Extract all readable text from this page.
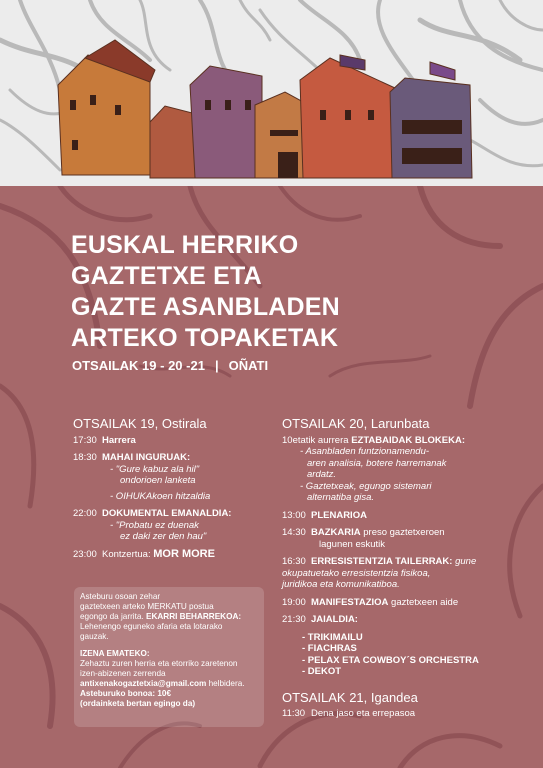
EUSKAL HERRIKO
GAZTETXE ETA
GAZTE ASANBLADEN
ARTEKO TOPAKETAK
OTSAILAK 19 - 20 -21 | OÑATI
OTSAILAK 19, Ostirala
17:30 Harrera
18:30 MAHAI INGURUAK:
- "Gure kabuz ala hil"
ondorioen lanketa
- OIHUKAkoen hitzaldia
22:00 DOKUMENTAL EMANALDIA:
- "Probatu ez duenak
ez daki zer den hau"
23:00 Kontzertua: MOR MORE
OTSAILAK 20, Larunbata
10etatik aurrera EZTABAIDAK BLOKEKA:
- Asanbladen funtzionamendu-
aren analisia, botere harremanak
ardatz.
- Gaztetxeak, egungo sistemari
alternatiba gisa.
13:00 PLENARIOA
14:30 BAZKARIA preso gaztetxeroen
lagunen eskutik
16:30 ERRESISTENTZIA TAILERRAK: gune
okupatuetako erresistentzia fisikoa,
juridikoa eta komunikatiboa.
19:00 MANIFESTAZIOA gaztetxeen aide
21:30 JAIALDIA:
- TRIKIMAILU
- FIACHRAS
- PELAX ETA COWBOY´S ORCHESTRA
- DEKOT
OTSAILAK 21, Igandea
11:30 Dena jaso eta errepasoa

Asteburu osoan zehar
gaztetxeen arteko MERKATU postua
egongo da jarrita. EKARRI BEHARREKOA:
Lehenengo eguneko afaria eta lotarako
gauzak.

IZENA EMATEKO:
Zehaztu zuren herria eta etorriko zaretenon
izen-abizenen zerrenda
antixenakogaztetxia@gmail.com helbidera.
Asteburuko bonoa: 10€
(ordainketa bertan egingo da)
